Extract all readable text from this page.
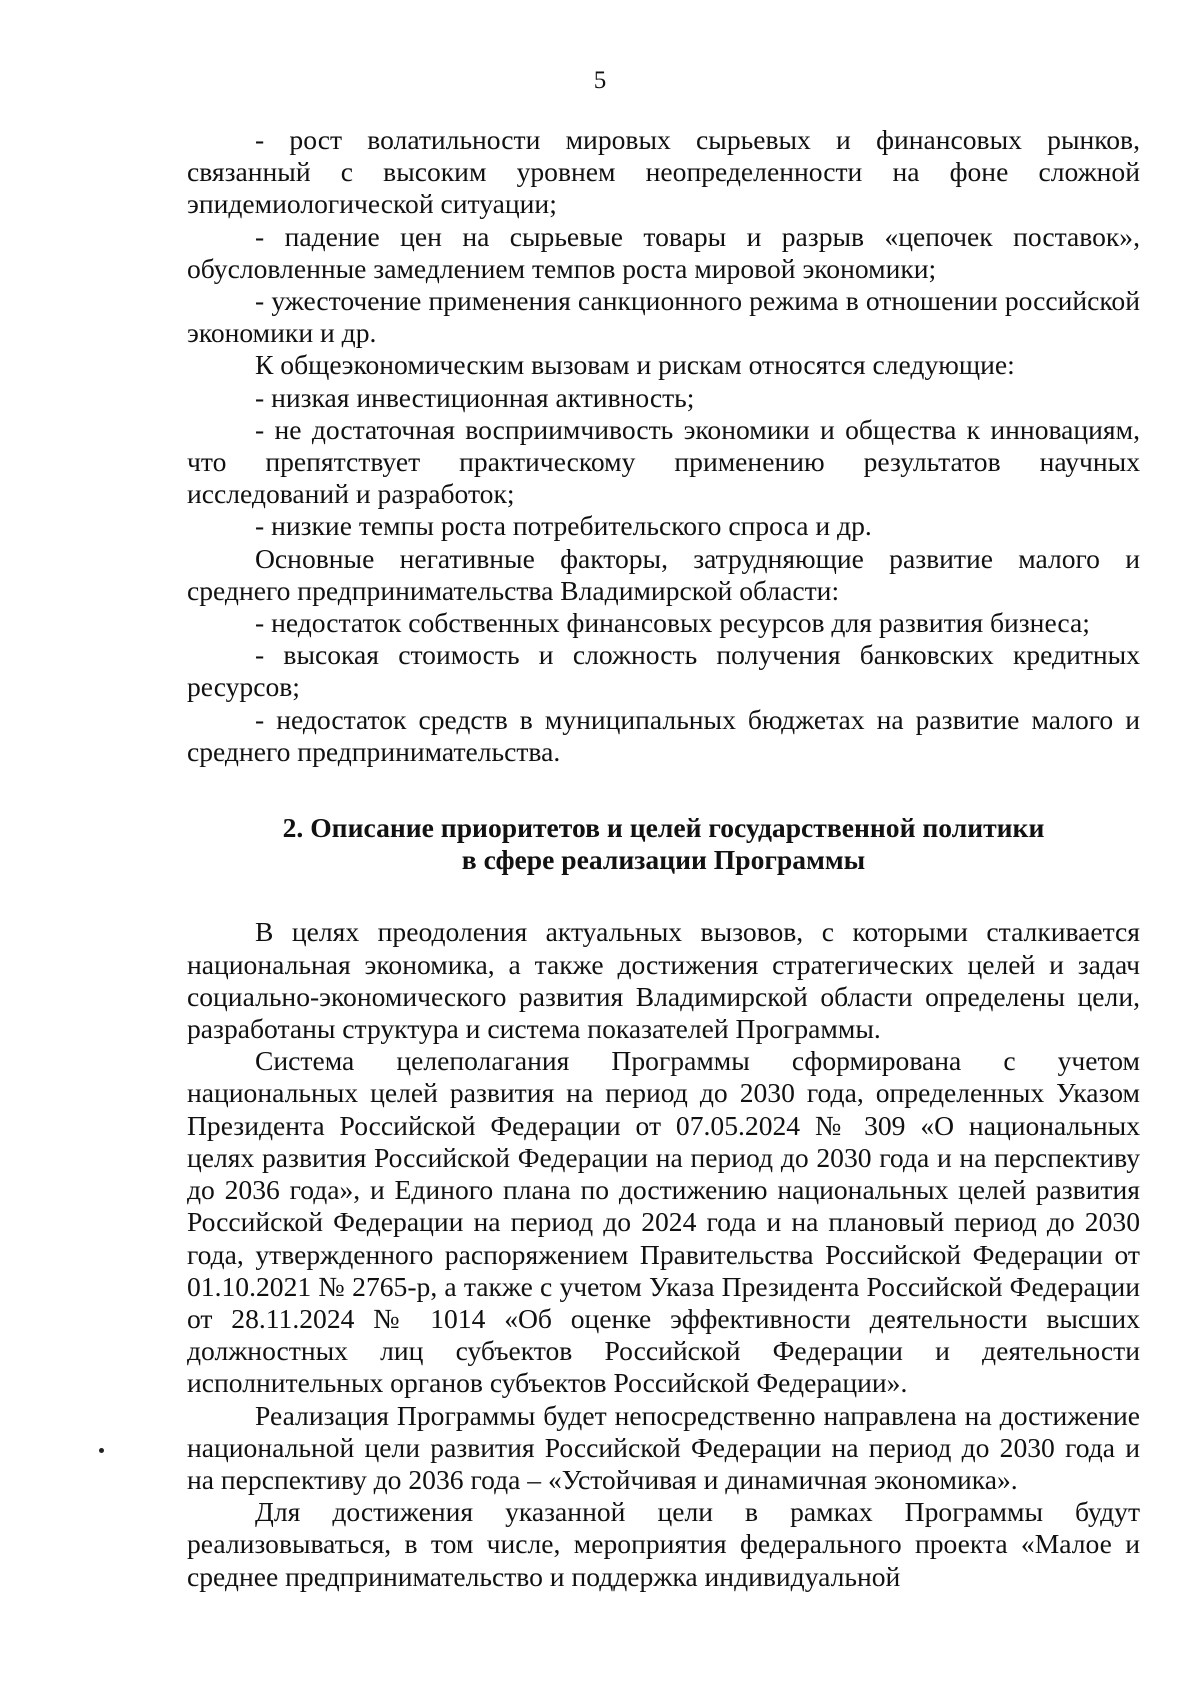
5

- рост волатильности мировых сырьевых и финансовых рынков, связанный с высоким уровнем неопределенности на фоне сложной эпидемиологической ситуации;

- падение цен на сырьевые товары и разрыв «цепочек поставок», обусловленные замедлением темпов роста мировой экономики;

- ужесточение применения санкционного режима в отношении российской экономики и др.

К общеэкономическим вызовам и рискам относятся следующие:

- низкая инвестиционная активность;

- не достаточная восприимчивость экономики и общества к инновациям, что препятствует практическому применению результатов научных исследований и разработок;

- низкие темпы роста потребительского спроса и др.

Основные негативные факторы, затрудняющие развитие малого и среднего предпринимательства Владимирской области:

- недостаток собственных финансовых ресурсов для развития бизнеса;

- высокая стоимость и сложность получения банковских кредитных ресурсов;

- недостаток средств в муниципальных бюджетах на развитие малого и среднего предпринимательства.

2. Описание приоритетов и целей государственной политики
в сфере реализации Программы

В целях преодоления актуальных вызовов, с которыми сталкивается национальная экономика, а также достижения стратегических целей и задач социально-экономического развития Владимирской области определены цели, разработаны структура и система показателей Программы.

Система целеполагания Программы сформирована с учетом национальных целей развития на период до 2030 года, определенных Указом Президента Российской Федерации от 07.05.2024 № 309 «О национальных целях развития Российской Федерации на период до 2030 года и на перспективу до 2036 года», и Единого плана по достижению национальных целей развития Российской Федерации на период до 2024 года и на плановый период до 2030 года, утвержденного распоряжением Правительства Российской Федерации от 01.10.2021 № 2765-р, а также с учетом Указа Президента Российской Федерации от 28.11.2024 № 1014 «Об оценке эффективности деятельности высших должностных лиц субъектов Российской Федерации и деятельности исполнительных органов субъектов Российской Федерации».

Реализация Программы будет непосредственно направлена на достижение национальной цели развития Российской Федерации на период до 2030 года и на перспективу до 2036 года – «Устойчивая и динамичная экономика».

Для достижения указанной цели в рамках Программы будут реализовываться, в том числе, мероприятия федерального проекта «Малое и среднее предпринимательство и поддержка индивидуальной
